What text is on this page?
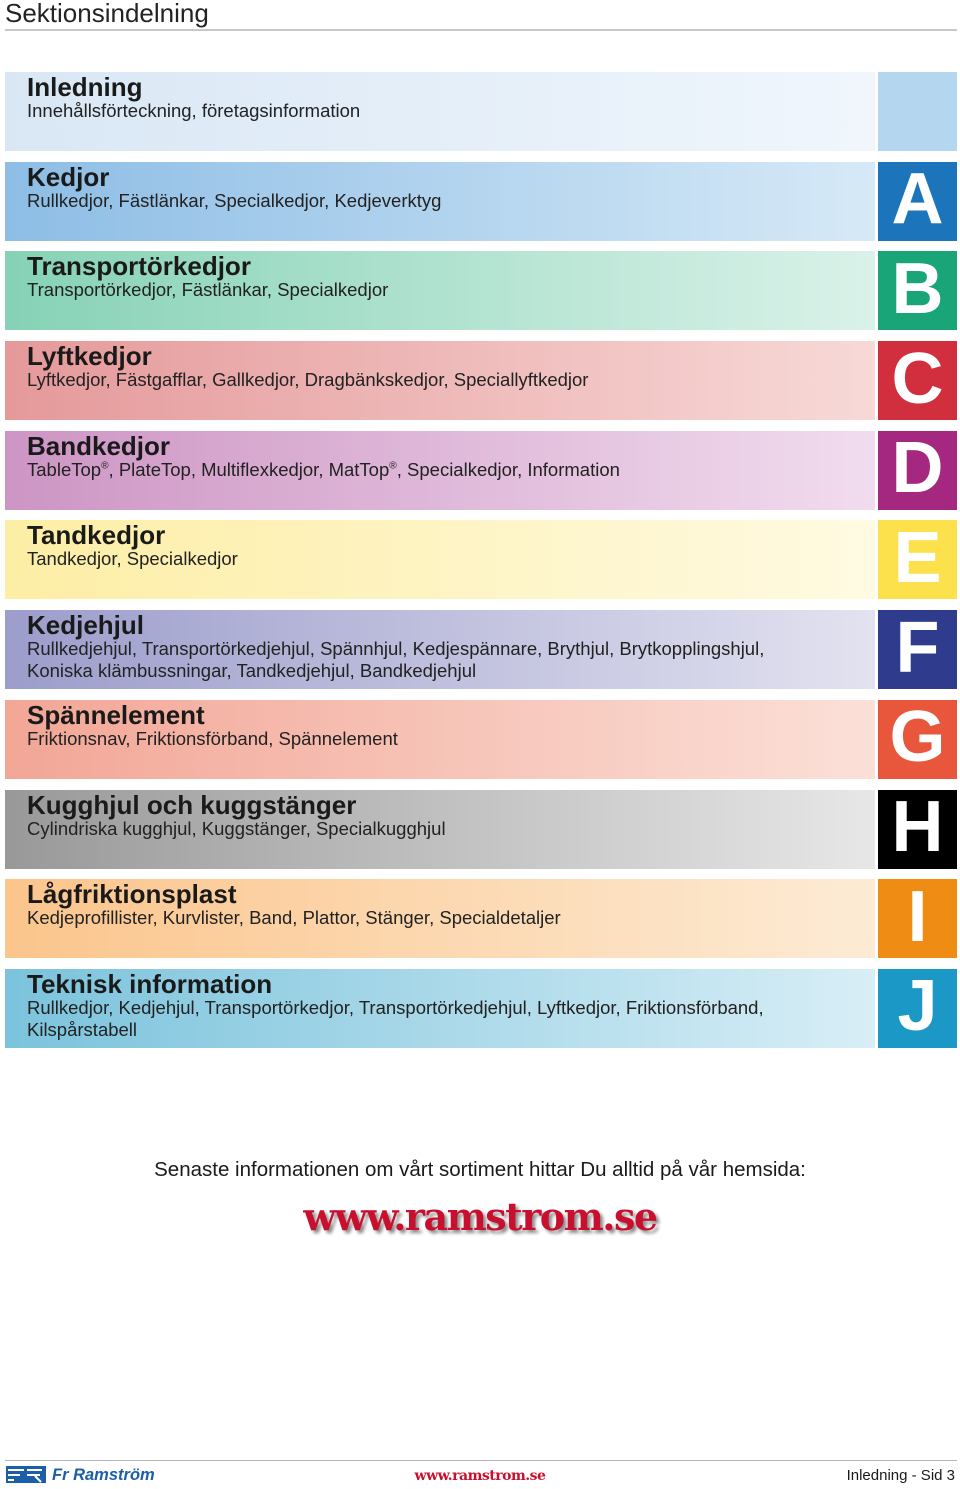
Sektionsindelning
Inledning
Innehållsförteckning, företagsinformation
Kedjor
Rullkedjor, Fästlänkar, Specialkedjor, Kedjeverktyg	A
Transportörkedjor
Transportörkedjor, Fästlänkar, Specialkedjor	B
Lyftkedjor
Lyftkedjor, Fästgafflar, Gallkedjor, Dragbänkskedjor, Speciallyftkedjor	C
Bandkedjor
TableTop®, PlateTop, Multiflexkedjor, MatTop®, Specialkedjor, Information	D
Tandkedjor
Tandkedjor, Specialkedjor	E
Kedjehjul
Rullkedjehjul, Transportörkedjehjul, Spännhjul, Kedjespännare, Brythjul, Brytkopplingshjul, Koniska klämbussningar, Tandkedjehjul, Bandkedjehjul	F
Spännelement
Friktionsnav, Friktionsförband, Spännelement	G
Kugghjul och kuggstänger
Cylindriska kugghjul, Kuggstänger, Specialkugghjul	H
Lågfriktionsplast
Kedjeprofillister, Kurvlister, Band, Plattor, Stänger, Specialdetaljer	I
Teknisk information
Rullkedjor, Kedjehjul, Transportörkedjor, Transportörkedjehjul, Lyftkedjor, Friktionsförband, Kilspårstabell	J
Senaste informationen om vårt sortiment hittar Du alltid på vår hemsida:
www.ramstrom.se
Fr Ramström	www.ramstrom.se	Inledning - Sid 3
